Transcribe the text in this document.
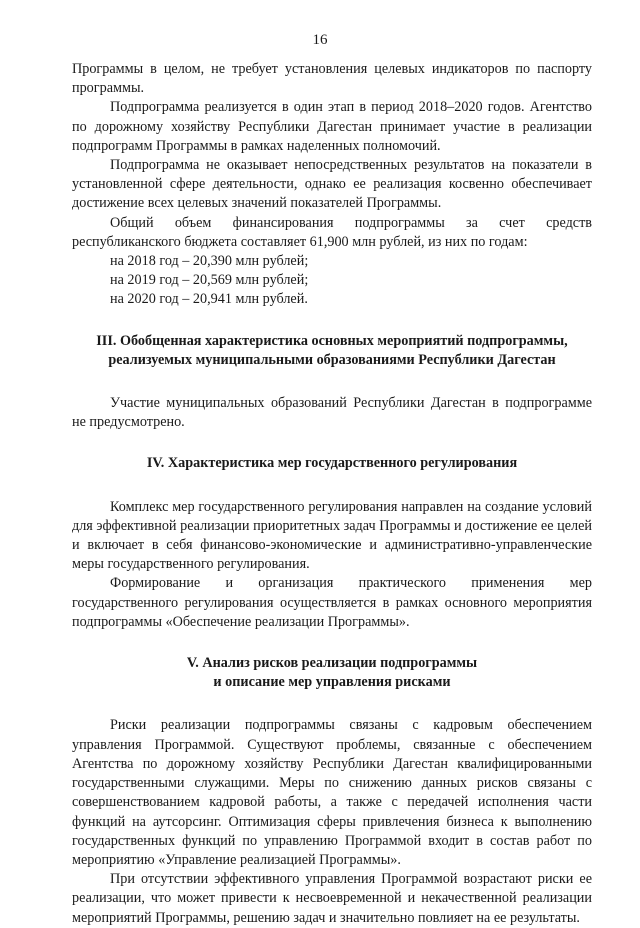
16

Программы в целом, не требует установления целевых индикаторов по паспорту программы.

Подпрограмма реализуется в один этап в период 2018–2020 годов. Агентство по дорожному хозяйству Республики Дагестан принимает участие в реализации подпрограмм Программы в рамках наделенных полномочий.

Подпрограмма не оказывает непосредственных результатов на показатели в установленной сфере деятельности, однако ее реализация косвенно обеспечивает достижение всех целевых значений показателей Программы.

Общий объем финансирования подпрограммы за счет средств республиканского бюджета составляет 61,900 млн рублей, из них по годам:

на 2018 год – 20,390 млн рублей;

на 2019 год – 20,569 млн рублей;

на 2020 год – 20,941 млн рублей.

III. Обобщенная характеристика основных мероприятий подпрограммы,

реализуемых муниципальными образованиями Республики Дагестан

Участие муниципальных образований Республики Дагестан в подпрограмме не предусмотрено.

IV. Характеристика мер государственного регулирования

Комплекс мер государственного регулирования направлен на создание условий для эффективной реализации приоритетных задач Программы и достижение ее целей и включает в себя финансово-экономические и административно-управленческие меры государственного регулирования.

Формирование и организация практического применения мер государственного регулирования осуществляется в рамках основного мероприятия подпрограммы «Обеспечение реализации Программы».

V. Анализ рисков реализации подпрограммы

и описание мер управления рисками

Риски реализации подпрограммы связаны с кадровым обеспечением управления Программой. Существуют проблемы, связанные с обеспечением Агентства по дорожному хозяйству Республики Дагестан квалифицированными государственными служащими. Меры по снижению данных рисков связаны с совершенствованием кадровой работы, а также с передачей исполнения части функций на аутсорсинг. Оптимизация сферы привлечения бизнеса к выполнению государственных функций по управлению Программой входит в состав работ по мероприятию «Управление реализацией Программы».

При отсутствии эффективного управления Программой возрастают риски ее реализации, что может привести к несвоевременной и некачественной реализации мероприятий Программы, решению задач и значительно повлияет на ее результаты.
